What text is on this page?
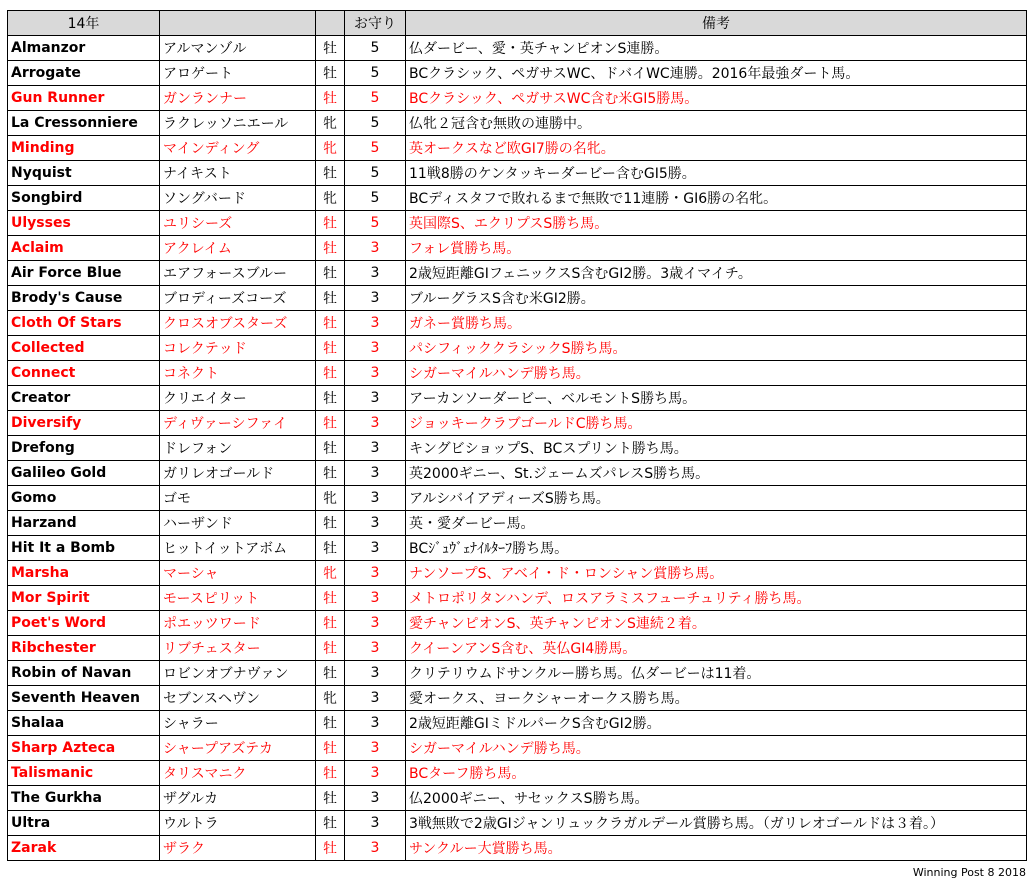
14年			お守り	備考
Almanzor	アルマンゾル	牡	5	仏ダービー、愛・英チャンピオンS連勝。
Arrogate	アロゲート	牡	5	BCクラシック、ペガサスWC、ドバイWC連勝。2016年最強ダート馬。
Gun Runner	ガンランナー	牡	5	BCクラシック、ペガサスWC含む米GⅠ5勝馬。
La Cressonniere	ラクレッソニエール	牝	5	仏牝２冠含む無敗の連勝中。
Minding	マインディング	牝	5	英オークスなど欧GⅠ7勝の名牝。
Nyquist	ナイキスト	牡	5	11戦8勝のケンタッキーダービー含むGⅠ5勝。
Songbird	ソングバード	牝	5	BCディスタフで敗れるまで無敗で11連勝・GⅠ6勝の名牝。
Ulysses	ユリシーズ	牡	5	英国際S、エクリプスS勝ち馬。
Aclaim	アクレイム	牡	3	フォレ賞勝ち馬。
Air Force Blue	エアフォースブルー	牡	3	2歳短距離GⅠフェニックスS含むGⅠ2勝。3歳イマイチ。
Brody's Cause	ブロディーズコーズ	牡	3	ブルーグラスS含む米GⅠ2勝。
Cloth Of Stars	クロスオブスターズ	牡	3	ガネー賞勝ち馬。
Collected	コレクテッド	牡	3	パシフィッククラシックS勝ち馬。
Connect	コネクト	牡	3	シガーマイルハンデ勝ち馬。
Creator	クリエイター	牡	3	アーカンソーダービー、ベルモントS勝ち馬。
Diversify	ディヴァーシファイ	牡	3	ジョッキークラブゴールドC勝ち馬。
Drefong	ドレフォン	牡	3	キングビショップS、BCスプリント勝ち馬。
Galileo Gold	ガリレオゴールド	牡	3	英2000ギニー、St.ジェームズパレスS勝ち馬。
Gomo	ゴモ	牝	3	アルシバイアディーズS勝ち馬。
Harzand	ハーザンド	牡	3	英・愛ダービー馬。
Hit It a Bomb	ヒットイットアボム	牡	3	BCｼﾞｭｳﾞｪﾅｲﾙﾀｰﾌ勝ち馬。
Marsha	マーシャ	牝	3	ナンソープS、アベイ・ド・ロンシャン賞勝ち馬。
Mor Spirit	モースピリット	牡	3	メトロポリタンハンデ、ロスアラミスフューチュリティ勝ち馬。
Poet's Word	ポエッツワード	牡	3	愛チャンピオンS、英チャンピオンS連続２着。
Ribchester	リブチェスター	牡	3	クイーンアンS含む、英仏GⅠ4勝馬。
Robin of Navan	ロビンオブナヴァン	牡	3	クリテリウムドサンクルー勝ち馬。仏ダービーは11着。
Seventh Heaven	セブンスヘヴン	牝	3	愛オークス、ヨークシャーオークス勝ち馬。
Shalaa	シャラー	牡	3	2歳短距離GⅠミドルパークS含むGⅠ2勝。
Sharp Azteca	シャープアズテカ	牡	3	シガーマイルハンデ勝ち馬。
Talismanic	タリスマニク	牡	3	BCターフ勝ち馬。
The Gurkha	ザグルカ	牡	3	仏2000ギニー、サセックスS勝ち馬。
Ultra	ウルトラ	牡	3	3戦無敗で2歳GⅠジャンリュックラガルデール賞勝ち馬。（ガリレオゴールドは３着。）
Zarak	ザラク	牡	3	サンクルー大賞勝ち馬。
Winning Post 8 2018
